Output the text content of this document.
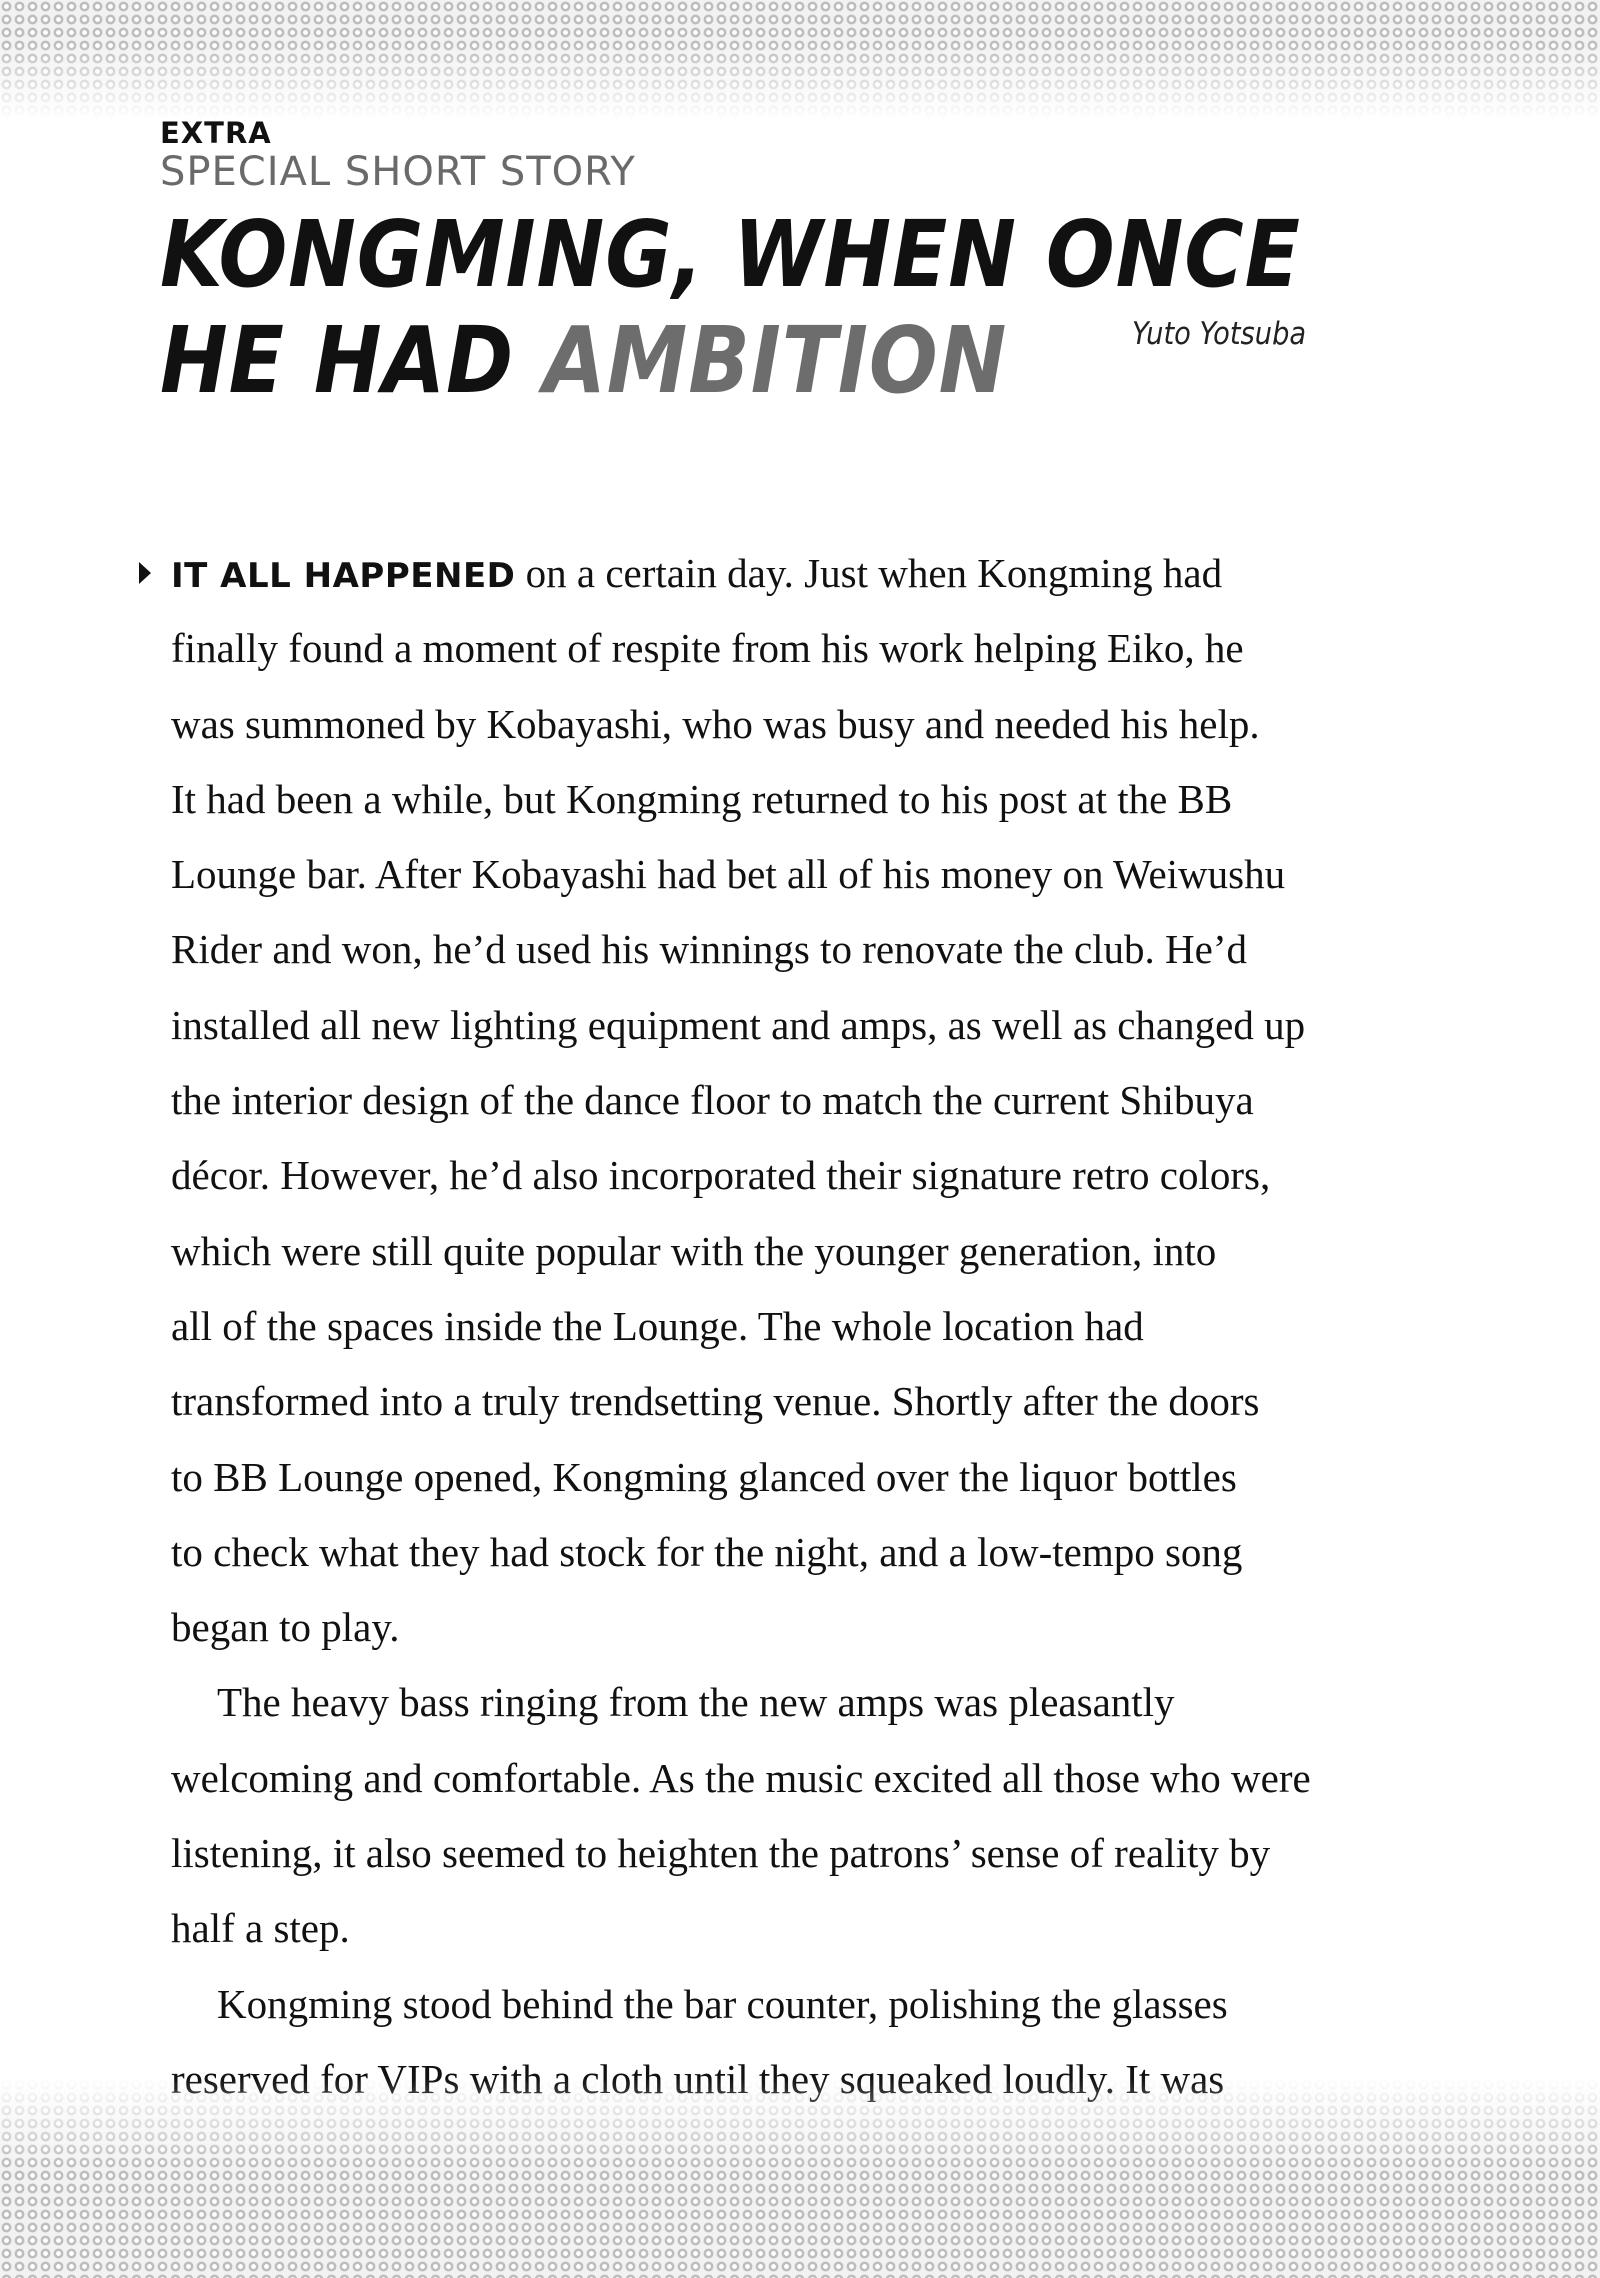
EXTRA
SPECIAL SHORT STORY
KONGMING, WHEN ONCE
HE HAD AMBITION	Yuto Yotsuba
IT ALL HAPPENED on a certain day. Just when Kongming had
finally found a moment of respite from his work helping Eiko, he
was summoned by Kobayashi, who was busy and needed his help.
It had been a while, but Kongming returned to his post at the BB
Lounge bar. After Kobayashi had bet all of his money on Weiwushu
Rider and won, he’d used his winnings to renovate the club. He’d
installed all new lighting equipment and amps, as well as changed up
the interior design of the dance floor to match the current Shibuya
décor. However, he’d also incorporated their signature retro colors,
which were still quite popular with the younger generation, into
all of the spaces inside the Lounge. The whole location had
transformed into a truly trendsetting venue. Shortly after the doors
to BB Lounge opened, Kongming glanced over the liquor bottles
to check what they had stock for the night, and a low-tempo song
began to play.
The heavy bass ringing from the new amps was pleasantly
welcoming and comfortable. As the music excited all those who were
listening, it also seemed to heighten the patrons’ sense of reality by
half a step.
Kongming stood behind the bar counter, polishing the glasses
